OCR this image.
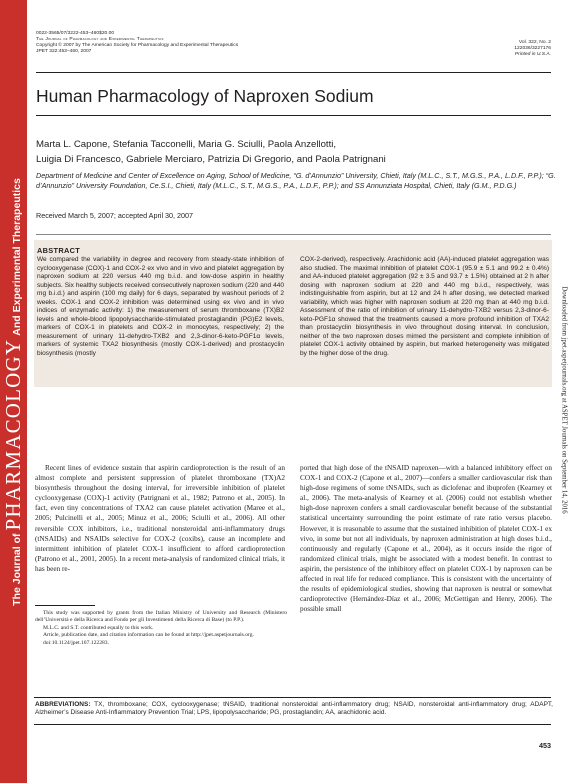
The Journal ofPHARMACOLOGYAnd Experimental Therapeutics
Downloaded from jpet.aspetjournals.org at ASPET Journals on September 14, 2016
0022-3565/07/3222-453–460$20.00
The Journal of Pharmacology and Experimental Therapeutics
Copyright © 2007 by The American Society for Pharmacology and Experimental Therapeutics
JPET 322:453–460, 2007
Vol. 322, No. 2
122036/3227176
Printed in U.S.A.
Human Pharmacology of Naproxen Sodium
Marta L. Capone, Stefania Tacconelli, Maria G. Sciulli, Paola Anzellotti,
Luigia Di Francesco, Gabriele Merciaro, Patrizia Di Gregorio, and Paola Patrignani
Department of Medicine and Center of Excellence on Aging, School of Medicine, “G. d’Annunzio” University, Chieti, Italy (M.L.C., S.T., M.G.S., P.A., L.D.F., P.P.); “G. d’Annunzio” University Foundation, Ce.S.I., Chieti, Italy (M.L.C., S.T., M.G.S., P.A., L.D.F., P.P.); and SS Annunziata Hospital, Chieti, Italy (G.M., P.D.G.)
Received March 5, 2007; accepted April 30, 2007
ABSTRACT
We compared the variability in degree and recovery from steady-state inhibition of cyclooxygenase (COX)-1 and COX-2 ex vivo and in vivo and platelet aggregation by naproxen sodium at 220 versus 440 mg b.i.d. and low-dose aspirin in healthy subjects. Six healthy subjects received consecutively naproxen sodium (220 and 440 mg b.i.d.) and aspirin (100 mg daily) for 6 days, separated by washout periods of 2 weeks. COX-1 and COX-2 inhibition was determined using ex vivo and in vivo indices of enzymatic activity: 1) the measurement of serum thromboxane (TX)B2 levels and whole-blood lipopolysaccharide-stimulated prostaglandin (PG)E2 levels, markers of COX-1 in platelets and COX-2 in monocytes, respectively; 2) the measurement of urinary 11-dehydro-TXB2 and 2,3-dinor-6-keto-PGF1α levels, markers of systemic TXA2 biosynthesis (mostly COX-1-derived) and prostacyclin biosynthesis (mostly
COX-2-derived), respectively. Arachidonic acid (AA)-induced platelet aggregation was also studied. The maximal inhibition of platelet COX-1 (95.9 ± 5.1 and 99.2 ± 0.4%) and AA-induced platelet aggregation (92 ± 3.5 and 93.7 ± 1.5%) obtained at 2 h after dosing with naproxen sodium at 220 and 440 mg b.i.d., respectively, was indistinguishable from aspirin, but at 12 and 24 h after dosing, we detected marked variability, which was higher with naproxen sodium at 220 mg than at 440 mg b.i.d. Assessment of the ratio of inhibition of urinary 11-dehydro-TXB2 versus 2,3-dinor-6-keto-PGF1α showed that the treatments caused a more profound inhibition of TXA2 than prostacyclin biosynthesis in vivo throughout dosing interval. In conclusion, neither of the two naproxen doses mimed the persistent and complete inhibition of platelet COX-1 activity obtained by aspirin, but marked heterogeneity was mitigated by the higher dose of the drug.
Recent lines of evidence sustain that aspirin cardioprotection is the result of an almost complete and persistent suppression of platelet thromboxane (TX)A2 biosynthesis throughout the dosing interval, for irreversible inhibition of platelet cyclooxygenase (COX)-1 activity (Patrignani et al., 1982; Patrono et al., 2005). In fact, even tiny concentrations of TXA2 can cause platelet activation (Maree et al., 2005; Pulcinelli et al., 2005; Minuz et al., 2006; Sciulli et al., 2006). All other reversible COX inhibitors, i.e., traditional nonsteroidal anti-inflammatory drugs (tNSAIDs) and NSAIDs selective for COX-2 (coxibs), cause an incomplete and intermittent inhibition of platelet COX-1 insufficient to afford cardioprotection (Patrono et al., 2001, 2005). In a recent meta-analysis of randomized clinical trials, it has been re-
ported that high dose of the tNSAID naproxen—with a balanced inhibitory effect on COX-1 and COX-2 (Capone et al., 2007)—confers a smaller cardiovascular risk than high-dose regimens of some tNSAIDs, such as diclofenac and ibuprofen (Kearney et al., 2006). The meta-analysis of Kearney et al. (2006) could not establish whether high-dose naproxen confers a small cardiovascular benefit because of the substantial statistical uncertainty surrounding the point estimate of rate ratio versus placebo. However, it is reasonable to assume that the sustained inhibition of platelet COX-1 ex vivo, in some but not all individuals, by naproxen administration at high doses b.i.d., continuously and regularly (Capone et al., 2004), as it occurs inside the rigor of randomized clinical trials, might be associated with a modest benefit. In contrast to aspirin, the persistence of the inhibitory effect on platelet COX-1 by naproxen can be affected in real life for reduced compliance. This is consistent with the uncertainty of the results of epidemiological studies, showing that naproxen is neutral or somewhat cardioprotective (Hernández-Díaz et al., 2006; McGettigan and Henry, 2006). The possible small

This study was supported by grants from the Italian Ministry of University and Research (Ministero dell’Università e della Ricerca and Fondo per gli Investimenti della Ricerca di Base) (to P.P.).

M.L.C. and S.T. contributed equally to this work.

Article, publication date, and citation information can be found at http://jpet.aspetjournals.org.

doi:10.1124/jpet.107.122283.

ABBREVIATIONS: TX, thromboxane; COX, cyclooxygenase; tNSAID, traditional nonsteroidal anti-inflammatory drug; NSAID, nonsteroidal anti-inflammatory drug; ADAPT, Alzheimer’s Disease Anti-Inflammatory Prevention Trial; LPS, lipopolysaccharide; PG, prostaglandin; AA, arachidonic acid.
453
